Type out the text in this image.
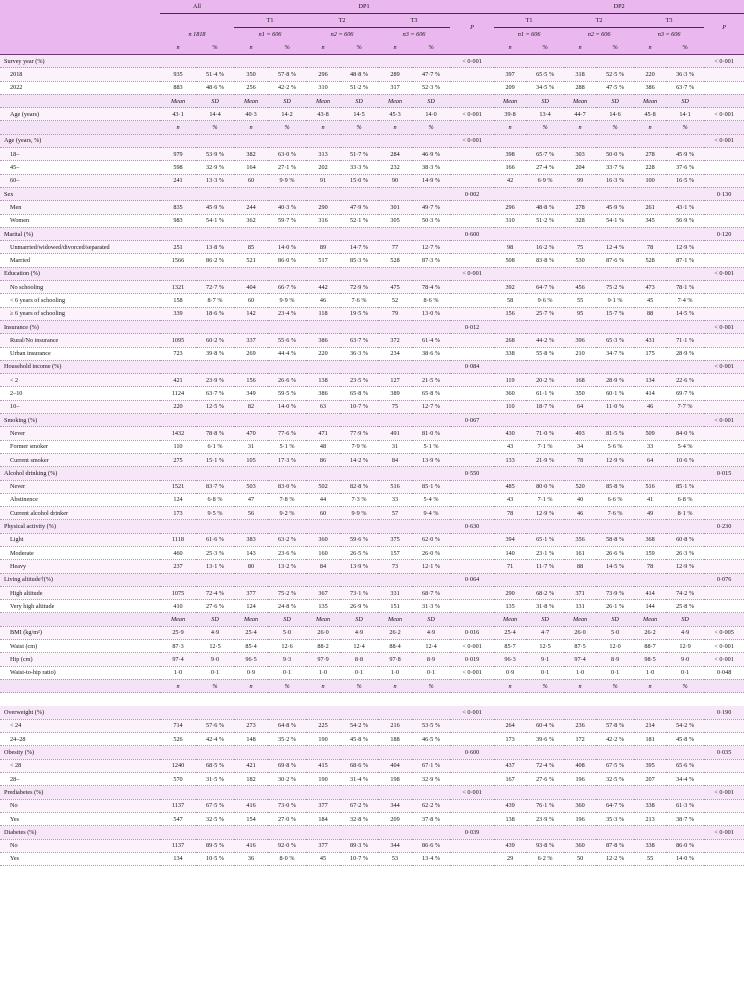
	All		DP1							DP2						
			T1		T2		T3		P	T1		T2		T3		P
	n 1818		n1 = 606		n2 = 606		n3 = 606			n1 = 606		n2 = 606		n3 = 606		
	n	%	n	%	n	%	n	%		n	%	n	%	n	%	
Survey year (%)									< 0·001							< 0·001
2018	935	51·4 %	350	57·8 %	296	48·8 %	289	47·7 %		397	65·5 %	318	52·5 %	220	36·3 %	
2022	883	48·6 %	256	42·2 %	310	51·2 %	317	52·3 %		209	34·5 %	288	47·5 %	386	63·7 %	
	Mean	SD	Mean	SD	Mean	SD	Mean	SD		Mean	SD	Mean	SD	Mean	SD	
Age (years)	43·1	14·4	40·3	14·2	43·8	14·5	45·3	14·0	< 0·001	39·8	13·4	44·7	14·6	45·8	14·1	< 0·001
	n	%	n	%	n	%	n	%		n	%	n	%	n	%	
Age (years, %)									< 0·001							< 0·001
18–	979	53·9 %	382	63·0 %	313	51·7 %	284	46·9 %		398	65·7 %	303	50·0 %	278	45·9 %	
45–	598	32·9 %	164	27·1 %	202	33·3 %	232	38·3 %		166	27·4 %	204	33·7 %	228	37·6 %	
60–	241	13·3 %	60	9·9 %	91	15·0 %	90	14·9 %		42	6·9 %	99	16·3 %	100	16·5 %	
Sex									0·002							0·130
Men	835	45·9 %	244	40·3 %	290	47·9 %	301	49·7 %		296	48·8 %	278	45·9 %	261	43·1 %	
Women	983	54·1 %	362	59·7 %	316	52·1 %	305	50·3 %		310	51·2 %	328	54·1 %	345	56·9 %	
Marital (%)									0·600							0·120
Unmarried/widowed/divorced/separated	251	13·8 %	85	14·0 %	89	14·7 %	77	12·7 %		98	16·2 %	75	12·4 %	78	12·9 %	
Married	1566	86·2 %	521	86·0 %	517	85·3 %	528	87·3 %		508	83·8 %	530	87·6 %	528	87·1 %	
Education (%)									< 0·001							< 0·001
No schooling	1321	72·7 %	404	66·7 %	442	72·9 %	475	78·4 %		392	64·7 %	456	75·2 %	473	78·1 %	
< 6 years of schooling	158	8·7 %	60	9·9 %	46	7·6 %	52	8·6 %		58	9·6 %	55	9·1 %	45	7·4 %	
≥ 6 years of schooling	339	18·6 %	142	23·4 %	118	19·5 %	79	13·0 %		156	25·7 %	95	15·7 %	88	14·5 %	
Insurance (%)									0·012							< 0·001
Rural/No insurance	1095	60·2 %	337	55·6 %	386	63·7 %	372	61·4 %		268	44·2 %	396	65·3 %	431	71·1 %	
Urban insurance	723	39·8 %	269	44·4 %	220	36·3 %	234	38·6 %		338	55·8 %	210	34·7 %	175	28·9 %	
Household income (%)									0·084							< 0·001
< 2	421	23·9 %	156	26·6 %	138	23·5 %	127	21·5 %		119	20·2 %	168	28·9 %	134	22·6 %	
2–10	1124	63·7 %	349	59·5 %	386	65·8 %	389	65·8 %		360	61·1 %	350	60·1 %	414	69·7 %	
10–	220	12·5 %	82	14·0 %	63	10·7 %	75	12·7 %		110	18·7 %	64	11·0 %	46	7·7 %	
Smoking (%)									0·067							< 0·001
Never	1432	78·8 %	470	77·6 %	471	77·9 %	491	81·0 %		430	71·0 %	493	81·5 %	509	84·0 %	
Former smoker	110	6·1 %	31	5·1 %	48	7·9 %	31	5·1 %		43	7·1 %	34	5·6 %	33	5·4 %	
Current smoker	275	15·1 %	105	17·3 %	86	14·2 %	84	13·9 %		133	21·9 %	78	12·9 %	64	10·6 %	
Alcohol drinking (%)									0·550							0·015
Never	1521	83·7 %	503	83·0 %	502	82·8 %	516	85·1 %		485	80·0 %	520	85·8 %	516	85·1 %	
Abstinence	124	6·8 %	47	7·8 %	44	7·3 %	33	5·4 %		43	7·1 %	40	6·6 %	41	6·8 %	
Current alcohol drinker	173	9·5 %	56	9·2 %	60	9·9 %	57	9·4 %		78	12·9 %	46	7·6 %	49	8·1 %	
Physical activity (%)									0·630							0·230
Light	1118	61·6 %	383	63·2 %	360	59·6 %	375	62·0 %		394	65·1 %	356	58·8 %	368	60·8 %	
Moderate	460	25·3 %	143	23·6 %	160	26·5 %	157	26·0 %		140	23·1 %	161	26·6 %	159	26·3 %	
Heavy	237	13·1 %	80	13·2 %	84	13·9 %	73	12·1 %		71	11·7 %	88	14·5 %	78	12·9 %	
Living altitude†(%)									0·064							0·076
High altitude	1075	72·4 %	377	75·2 %	367	73·1 %	331	68·7 %		290	68·2 %	371	73·9 %	414	74·2 %	
Very high altitude	410	27·6 %	124	24·8 %	135	26·9 %	151	31·3 %		135	31·8 %	131	26·1 %	144	25·8 %	
	Mean	SD	Mean	SD	Mean	SD	Mean	SD		Mean	SD	Mean	SD	Mean	SD	
BMI (kg/m²)	25·9	4·9	25·4	5·0	26·0	4·9	26·2	4·9	0·016	25·4	4·7	26·0	5·0	26·2	4·9	< 0·005
Waist (cm)	87·3	12·5	85·4	12·6	88·2	12·4	88·4	12·4	< 0·001	85·7	12·5	87·5	12·0	88·7	12·9	< 0·001
Hip (cm)	97·4	9·0	96·5	9·3	97·9	8·8	97·8	8·9	0·019	96·3	9·1	97·4	8·9	98·5	9·0	< 0·001
Waist-to-hip ratio)	1·0	0·1	0·9	0·1	1·0	0·1	1·0	0·1	< 0·001	0·9	0·1	1·0	0·1	1·0	0·1	0·048
	n	%	n	%	n	%	n	%		n	%	n	%	n	%	

Overweight (%)									< 0·001							0·190
< 24	714	57·6 %	273	64·8 %	225	54·2 %	216	53·5 %		264	60·4 %	236	57·8 %	214	54·2 %	
24–28	526	42·4 %	148	35·2 %	190	45·8 %	188	46·5 %		173	39·6 %	172	42·2 %	181	45·8 %	
Obesity (%)									0·600							0·035
< 28	1240	68·5 %	421	69·8 %	415	68·6 %	404	67·1 %		437	72·4 %	408	67·5 %	395	65·6 %	
28–	570	31·5 %	182	30·2 %	190	31·4 %	198	32·9 %		167	27·6 %	196	32·5 %	207	34·4 %	
Prediabetes (%)									< 0·001							< 0·001
No	1137	67·5 %	416	73·0 %	377	67·2 %	344	62·2 %		439	76·1 %	360	64·7 %	338	61·3 %	
Yes	547	32·5 %	154	27·0 %	184	32·8 %	209	37·8 %		138	23·9 %	196	35·3 %	213	38·7 %	
Diabetes (%)									0·039							< 0·001
No	1137	89·5 %	416	92·0 %	377	89·3 %	344	86·6 %		439	93·8 %	360	87·8 %	338	86·0 %	
Yes	134	10·5 %	36	8·0 %	45	10·7 %	53	13·4 %		29	6·2 %	50	12·2 %	55	14·0 %	
